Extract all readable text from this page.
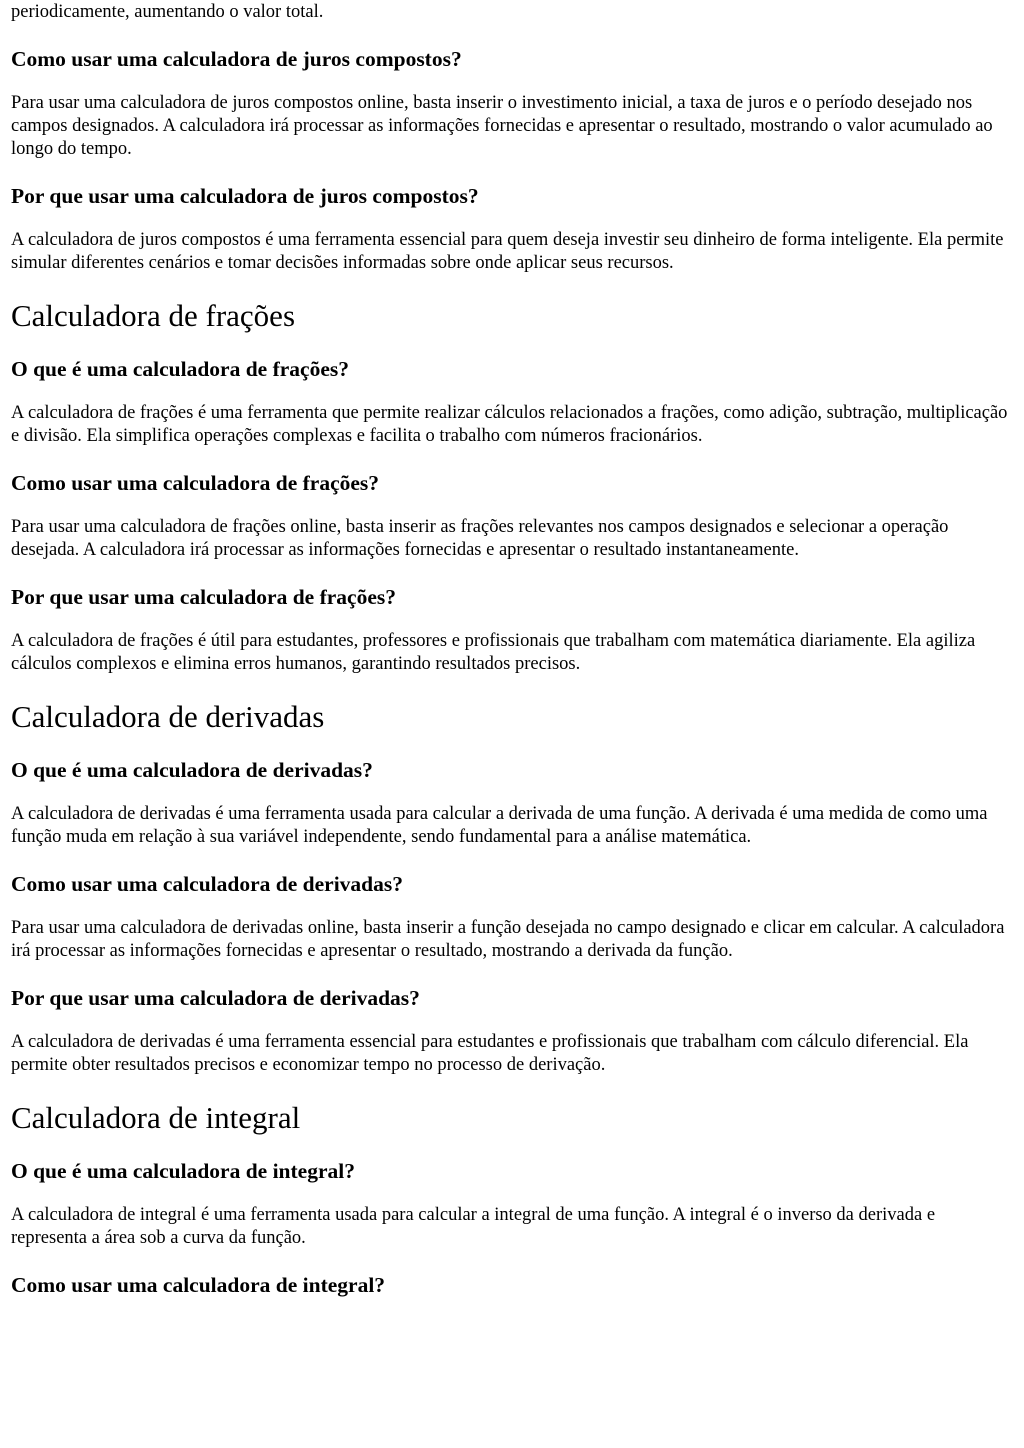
periodicamente, aumentando o valor total.

Como usar uma calculadora de juros compostos?

Para usar uma calculadora de juros compostos online, basta inserir o investimento inicial, a taxa de juros e o período desejado nos campos designados. A calculadora irá processar as informações fornecidas e apresentar o resultado, mostrando o valor acumulado ao longo do tempo.

Por que usar uma calculadora de juros compostos?

A calculadora de juros compostos é uma ferramenta essencial para quem deseja investir seu dinheiro de forma inteligente. Ela permite simular diferentes cenários e tomar decisões informadas sobre onde aplicar seus recursos.

Calculadora de frações
O que é uma calculadora de frações?

A calculadora de frações é uma ferramenta que permite realizar cálculos relacionados a frações, como adição, subtração, multiplicação e divisão. Ela simplifica operações complexas e facilita o trabalho com números fracionários.

Como usar uma calculadora de frações?

Para usar uma calculadora de frações online, basta inserir as frações relevantes nos campos designados e selecionar a operação desejada. A calculadora irá processar as informações fornecidas e apresentar o resultado instantaneamente.

Por que usar uma calculadora de frações?

A calculadora de frações é útil para estudantes, professores e profissionais que trabalham com matemática diariamente. Ela agiliza cálculos complexos e elimina erros humanos, garantindo resultados precisos.

Calculadora de derivadas
O que é uma calculadora de derivadas?

A calculadora de derivadas é uma ferramenta usada para calcular a derivada de uma função. A derivada é uma medida de como uma função muda em relação à sua variável independente, sendo fundamental para a análise matemática.

Como usar uma calculadora de derivadas?

Para usar uma calculadora de derivadas online, basta inserir a função desejada no campo designado e clicar em calcular. A calculadora irá processar as informações fornecidas e apresentar o resultado, mostrando a derivada da função.

Por que usar uma calculadora de derivadas?

A calculadora de derivadas é uma ferramenta essencial para estudantes e profissionais que trabalham com cálculo diferencial. Ela permite obter resultados precisos e economizar tempo no processo de derivação.

Calculadora de integral
O que é uma calculadora de integral?

A calculadora de integral é uma ferramenta usada para calcular a integral de uma função. A integral é o inverso da derivada e representa a área sob a curva da função.

Como usar uma calculadora de integral?
